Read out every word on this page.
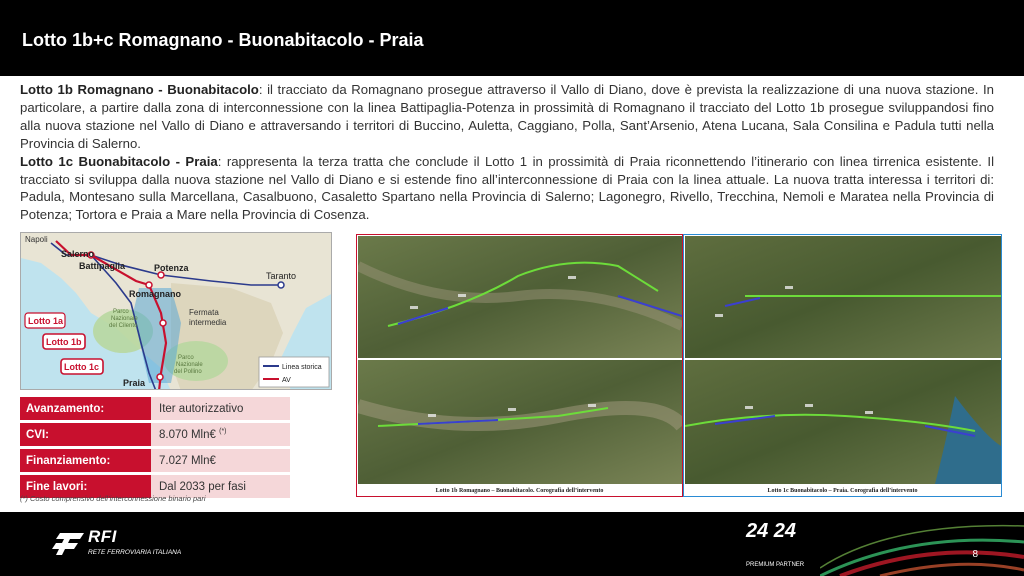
Lotto 1b+c Romagnano - Buonabitacolo - Praia

Lotto 1b Romagnano - Buonabitacolo: il tracciato da Romagnano prosegue attraverso il Vallo di Diano, dove è prevista la realizzazione di una nuova stazione. In particolare, a partire dalla zona di interconnessione con la linea Battipaglia-Potenza in prossimità di Romagnano il tracciato del Lotto 1b prosegue sviluppandosi fino alla nuova stazione nel Vallo di Diano e attraversando i territori di Buccino, Auletta, Caggiano, Polla, Sant’Arsenio, Atena Lucana, Sala Consilina e Padula tutti nella Provincia di Salerno.

Lotto 1c Buonabitacolo - Praia: rappresenta la terza tratta che conclude il Lotto 1 in prossimità di Praia riconnettendo l’itinerario con linea tirrenica esistente. Il tracciato si sviluppa dalla nuova stazione nel Vallo di Diano e si estende fino all’interconnessione di Praia con la linea attuale. La nuova tratta interessa i territori di: Padula, Montesano sulla Marcellana, Casalbuono, Casaletto Spartano nella Provincia di Salerno; Lagonegro, Rivello, Trecchina, Nemoli e Maratea nella Provincia di Potenza; Tortora e Praia a Mare nella Provincia di Cosenza.

Napoli
Salerno
Battipaglia	Potenza
Taranto
Romagnano
Fermata
intermedia
Praia
Parco
Nazionale
del Cilento
Parco
Nazionale
del Pollino
Lotto 1a
Lotto 1b
Lotto 1c	Linea storica
AV
Avanzamento:	Iter autorizzativo
CVI:	8.070 Mln€ (*)
Finanziamento:	7.027 Mln€
Fine lavori:	Dal 2033 per fasi
(*) Costo comprensivo dell’interconnessione binario pari
Lotto 1b Romagnano – Buonabitacolo. Corografia dell’intervento	Lotto 1c Buonabitacolo – Praia. Corografia dell’intervento
RFI
RETE FERROVIARIA ITALIANA
24 24
PREMIUM PARTNER
8
